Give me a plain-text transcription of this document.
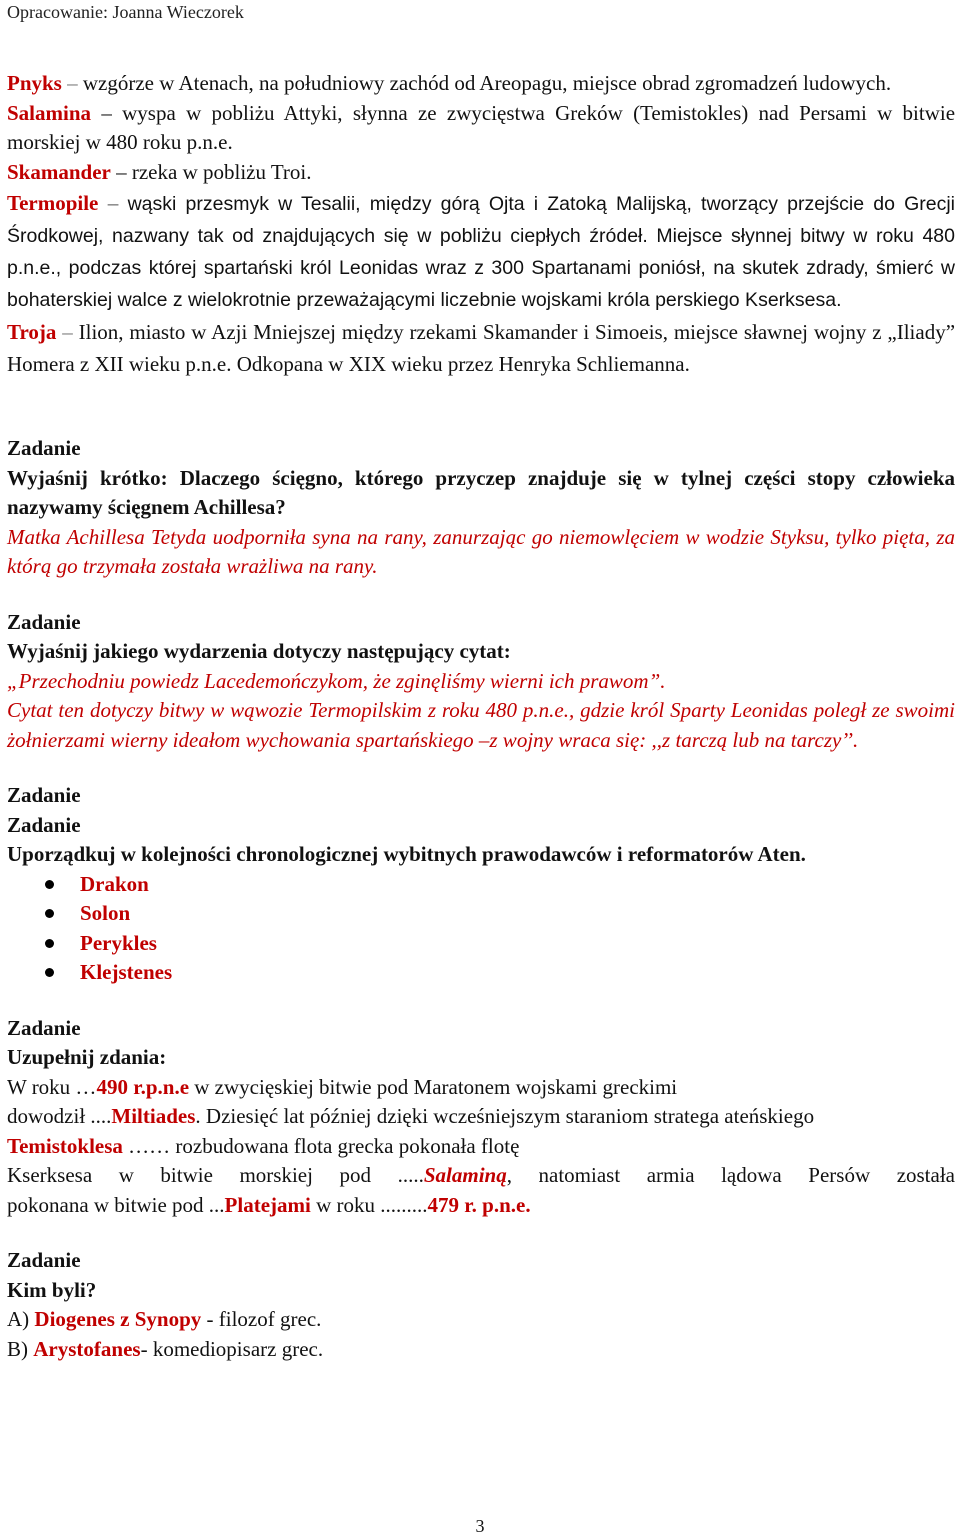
Opracowanie: Joanna Wieczorek

Pnyks – wzgórze w Atenach, na południowy zachód od Areopagu, miejsce obrad zgromadzeń ludowych.

Salamina – wyspa w pobliżu Attyki, słynna ze zwycięstwa Greków (Temistokles) nad Persami w bitwie morskiej w 480 roku p.n.e.

Skamander – rzeka w pobliżu Troi.

Termopile – wąski przesmyk w Tesalii, między górą Ojta i Zatoką Malijską, tworzący przejście do Grecji Środkowej, nazwany tak od znajdujących się w pobliżu ciepłych źródeł. Miejsce słynnej bitwy w roku 480 p.n.e., podczas której spartański król Leonidas wraz z 300 Spartanami poniósł, na skutek zdrady, śmierć w bohaterskiej walce z wielokrotnie przeważającymi liczebnie wojskami króla perskiego Kserksesa.

Troja – Ilion, miasto w Azji Mniejszej między rzekami Skamander i Simoeis, miejsce sławnej wojny z „Iliady” Homera z XII wieku p.n.e. Odkopana w XIX wieku przez Henryka Schliemanna.

Zadanie

Wyjaśnij krótko: Dlaczego ścięgno, którego przyczep znajduje się w tylnej części stopy człowieka nazywamy ścięgnem Achillesa?

Matka Achillesa Tetyda uodporniła syna na rany, zanurzając go niemowlęciem w wodzie Styksu, tylko pięta, za którą go trzymała została wrażliwa na rany.

Zadanie

Wyjaśnij jakiego wydarzenia dotyczy następujący cytat:

„Przechodniu powiedz Lacedemończykom, że zginęliśmy wierni ich prawom”.

Cytat ten dotyczy bitwy w wąwozie Termopilskim z roku 480 p.n.e., gdzie król Sparty Leonidas poległ ze swoimi żołnierzami wierny ideałom wychowania spartańskiego –z wojny wraca się: ,,z tarczą lub na tarczy’’.

Zadanie

Zadanie

Uporządkuj w kolejności chronologicznej wybitnych prawodawców i reformatorów Aten.

Drakon
Solon
Perykles
Klejstenes

Zadanie

Uzupełnij zdania:

W roku …490 r.p.n.e w zwycięskiej bitwie pod Maratonem wojskami greckimi

dowodził ....Miltiades. Dziesięć lat później dzięki wcześniejszym staraniom stratega ateńskiego

Temistoklesa …… rozbudowana flota grecka pokonała flotę

Kserksesa w bitwie morskiej pod .....Salaminą, natomiast armia lądowa Persów została

pokonana w bitwie pod ...Platejami w roku .........479 r. p.n.e.

Zadanie

Kim byli?

A) Diogenes z Synopy - filozof grec.

B) Arystofanes- komediopisarz grec.

3
